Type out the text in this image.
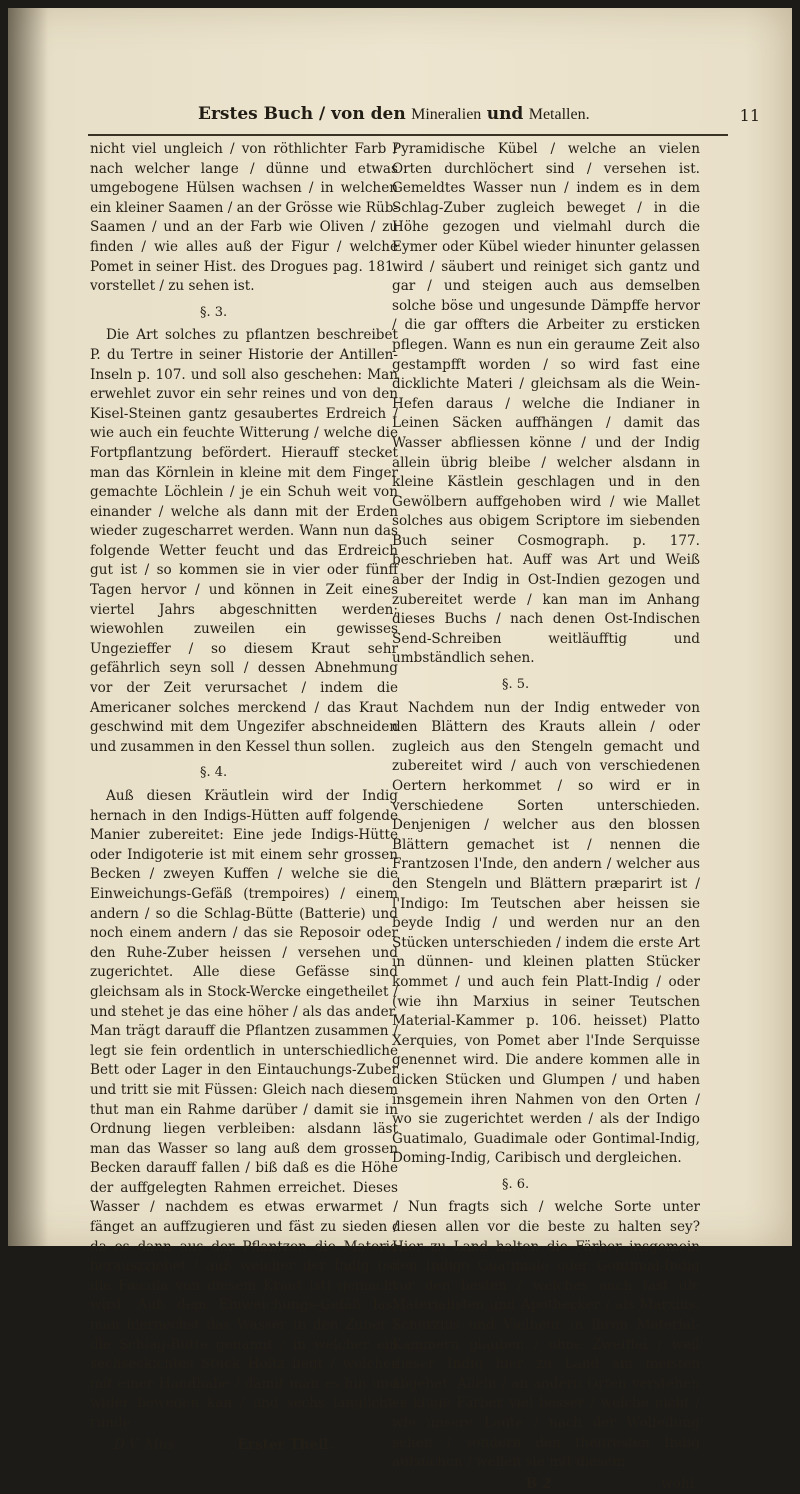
Erstes Buch / von den Mineralien und Metallen.	11

nicht viel ungleich / von röthlichter Farb / nach welcher lange / dünne und etwas umgebogene Hülsen wachsen / in welchen ein kleiner Saamen / an der Grösse wie Rüb-Saamen / und an der Farb wie Oliven / zu finden / wie alles auß der Figur / welche Pomet in seiner Hist. des Drogues pag. 181. vorstellet / zu sehen ist.

§. 3.

Die Art solches zu pflantzen beschreibet P. du Tertre in seiner Historie der Antillen-Inseln p. 107. und soll also geschehen: Man erwehlet zuvor ein sehr reines und von den Kisel-Steinen gantz gesaubertes Erdreich / wie auch ein feuchte Witterung / welche die Fortpflantzung befördert. Hierauff stecket man das Körnlein in kleine mit dem Finger gemachte Löchlein / je ein Schuh weit von einander / welche als dann mit der Erden wieder zugescharret werden. Wann nun das folgende Wetter feucht und das Erdreich gut ist / so kommen sie in vier oder fünff Tagen hervor / und können in Zeit eines viertel Jahrs abgeschnitten werden; wiewohlen zuweilen ein gewisses Ungezieffer / so diesem Kraut sehr gefährlich seyn soll / dessen Abnehmung vor der Zeit verursachet / indem die Americaner solches merckend / das Kraut geschwind mit dem Ungezifer abschneiden und zusammen in den Kessel thun sollen.

§. 4.

Auß diesen Kräutlein wird der Indig hernach in den Indigs-Hütten auff folgende Manier zubereitet: Eine jede Indigs-Hütte oder Indigoterie ist mit einem sehr grossen Becken / zweyen Kuffen / welche sie die Einweichungs-Gefäß (trempoires) / einem andern / so die Schlag-Bütte (Batterie) und noch einem andern / das sie Reposoir oder den Ruhe-Zuber heissen / versehen und zugerichtet. Alle diese Gefässe sind gleichsam als in Stock-Wercke eingetheilet / und stehet je das eine höher / als das ander. Man trägt darauff die Pflantzen zusammen / legt sie fein ordentlich in unterschiedliche Bett oder Lager in den Eintauchungs-Zuber und tritt sie mit Füssen: Gleich nach diesem thut man ein Rahme darüber / damit sie in Ordnung liegen verbleiben: alsdann läst man das Wasser so lang auß dem grossen Becken darauff fallen / biß daß es die Höhe der auffgelegten Rahmen erreichet. Dieses Wasser / nachdem es etwas erwarmet / fänget an auffzugieren und fäst zu sieden / da es dann aus der Pflantzen die Materie herauszziehet / auß welcher der Indig (so die Fæcula von diesem Kraut ist) gemacht wird. Auß dem Einweichungs-Gefäß last man hiernechst das Wasser in den Zuber / die Schlag-Bütte genannt / in welcher ein sechseckichtes Stück Holtz liegt / welches mit einer Handhabe / damit man es hin und wider bewegen kan / und sechs länglicht-runde

D.V. Mus.	Erster Theil.

Pyramidische Kübel / welche an vielen Orten durchlöchert sind / versehen ist. Gemeldtes Wasser nun / indem es in dem Schlag-Zuber zugleich beweget / in die Höhe gezogen und vielmahl durch die Eymer oder Kübel wieder hinunter gelassen wird / säubert und reiniget sich gantz und gar / und steigen auch aus demselben solche böse und ungesunde Dämpffe hervor / die gar offters die Arbeiter zu ersticken pflegen. Wann es nun ein geraume Zeit also gestampfft worden / so wird fast eine dicklichte Materi / gleichsam als die Wein-Hefen daraus / welche die Indianer in Leinen Säcken auffhängen / damit das Wasser abfliessen könne / und der Indig allein übrig bleibe / welcher alsdann in kleine Kästlein geschlagen und in den Gewölbern auffgehoben wird / wie Mallet solches aus obigem Scriptore im siebenden Buch seiner Cosmograph. p. 177. beschrieben hat. Auff was Art und Weiß aber der Indig in Ost-Indien gezogen und zubereitet werde / kan man im Anhang dieses Buchs / nach denen Ost-Indischen Send-Schreiben weitläufftig und umbständlich sehen.

§. 5.

Nachdem nun der Indig entweder von den Blättern des Krauts allein / oder zugleich aus den Stengeln gemacht und zubereitet wird / auch von verschiedenen Oertern herkommet / so wird er in verschiedene Sorten unterschieden. Denjenigen / welcher aus den blossen Blättern gemachet ist / nennen die Frantzosen l'Inde, den andern / welcher aus den Stengeln und Blättern præparirt ist / l'Indigo: Im Teutschen aber heissen sie beyde Indig / und werden nur an den Stücken unterschieden / indem die erste Art in dünnen- und kleinen platten Stücker kommet / und auch fein Platt-Indig / oder (wie ihn Marxius in seiner Teutschen Material-Kammer p. 106. heisset) Platto Xerquies, von Pomet aber l'Inde Serquisse genennet wird. Die andere kommen alle in dicken Stücken und Glumpen / und haben insgemein ihren Nahmen von den Orten / wo sie zugerichtet werden / als der Indigo Guatimalo, Guadimale oder Gontimal-Indig, Doming-Indig, Caribisch und dergleichen.

§. 6.

Nun fragts sich / welche Sorte unter diesen allen vor die beste zu halten sey? Hier zu Land halten die Färber insgemein den Indigo Guatimalo oder Gontimal-Indig vor den besten / welches auch fast die Materialisten und Apothecker / als Marxius, Schurzius und Vielheur in ihren Material-Kammern glauben / ohne Zweiffel / weil dieser Indig hier zu Land am meisten abgehet. Allein / an andern Orten verstehen es kluge Färber viel besser / welche nicht / wie unsere Leute / nach der Wolfeilung sehen / sondern den theuresten Indig aufsuchen / weilen sie mit diesem

B 2	wohl
